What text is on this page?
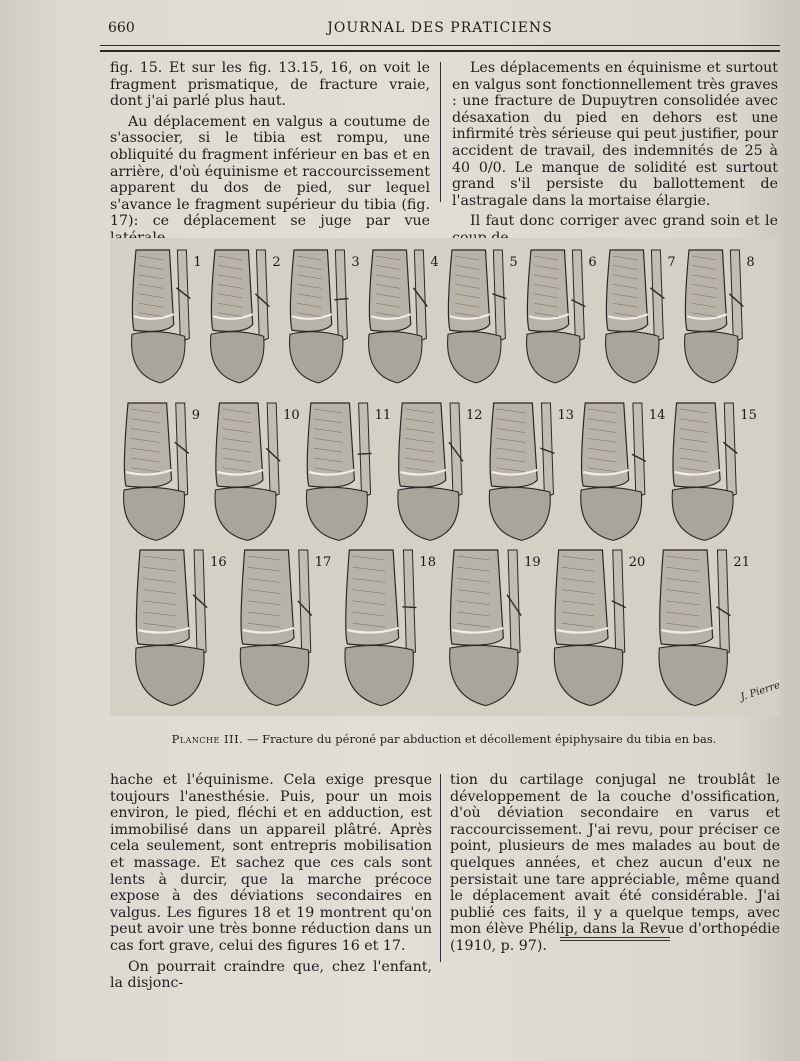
660	JOURNAL DES PRATICIENS

fig. 15. Et sur les fig. 13.15, 16, on voit le fragment prismatique, de fracture vraie, dont j'ai parlé plus haut.

Au déplacement en valgus a coutume de s'associer, si le tibia est rompu, une obliquité du fragment inférieur en bas et en arrière, d'où équinisme et raccourcissement apparent du dos de pied, sur lequel s'avance le fragment supérieur du tibia (fig. 17): ce déplacement se juge par vue

Les déplacements en équinisme et surtout en valgus sont fonctionnellement très graves : une fracture de Dupuytren consolidée avec désaxation du pied en dehors est une infirmité très sérieuse qui peut justifier, pour accident de travail, des indemnités de 25 à 40 0/0. Le manque de solidité est surtout grand s'il persiste du ballottement de l'astragale dans la mortaise élargie.

Il faut donc corriger avec grand soin et le

1	2	3	4	5	6	7	8
9	10	11	12	13	14	15
16	17	18	19	20	21
J. Pierre
Planche III. — Fracture du péroné par abduction et décollement épiphysaire du tibia en bas.

hache et l'équinisme. Cela exige presque toujours l'anesthésie. Puis, pour un mois environ, le pied, fléchi et en adduction, est immobilisé dans un appareil plâtré. Après cela seulement, sont entrepris mobilisation et massage. Et sachez que ces cals sont lents à durcir, que la marche précoce expose à des déviations secondaires en valgus. Les figures 18 et 19 montrent qu'on peut avoir une très bonne réduction dans un cas fort grave, celui des figures 16 et 17.

On pourrait craindre que, chez l'enfant, la disjonc-

tion du cartilage conjugal ne troublât le développement de la couche d'ossification, d'où déviation secondaire en varus et raccourcissement. J'ai revu, pour préciser ce point, plusieurs de mes malades au bout de quelques années, et chez aucun d'eux ne persistait une tare appréciable, même quand le déplacement avait été considérable. J'ai publié ces faits, il y a quelque temps, avec mon élève Phélip, dans la Revue d'orthopédie (1910, p. 97).
